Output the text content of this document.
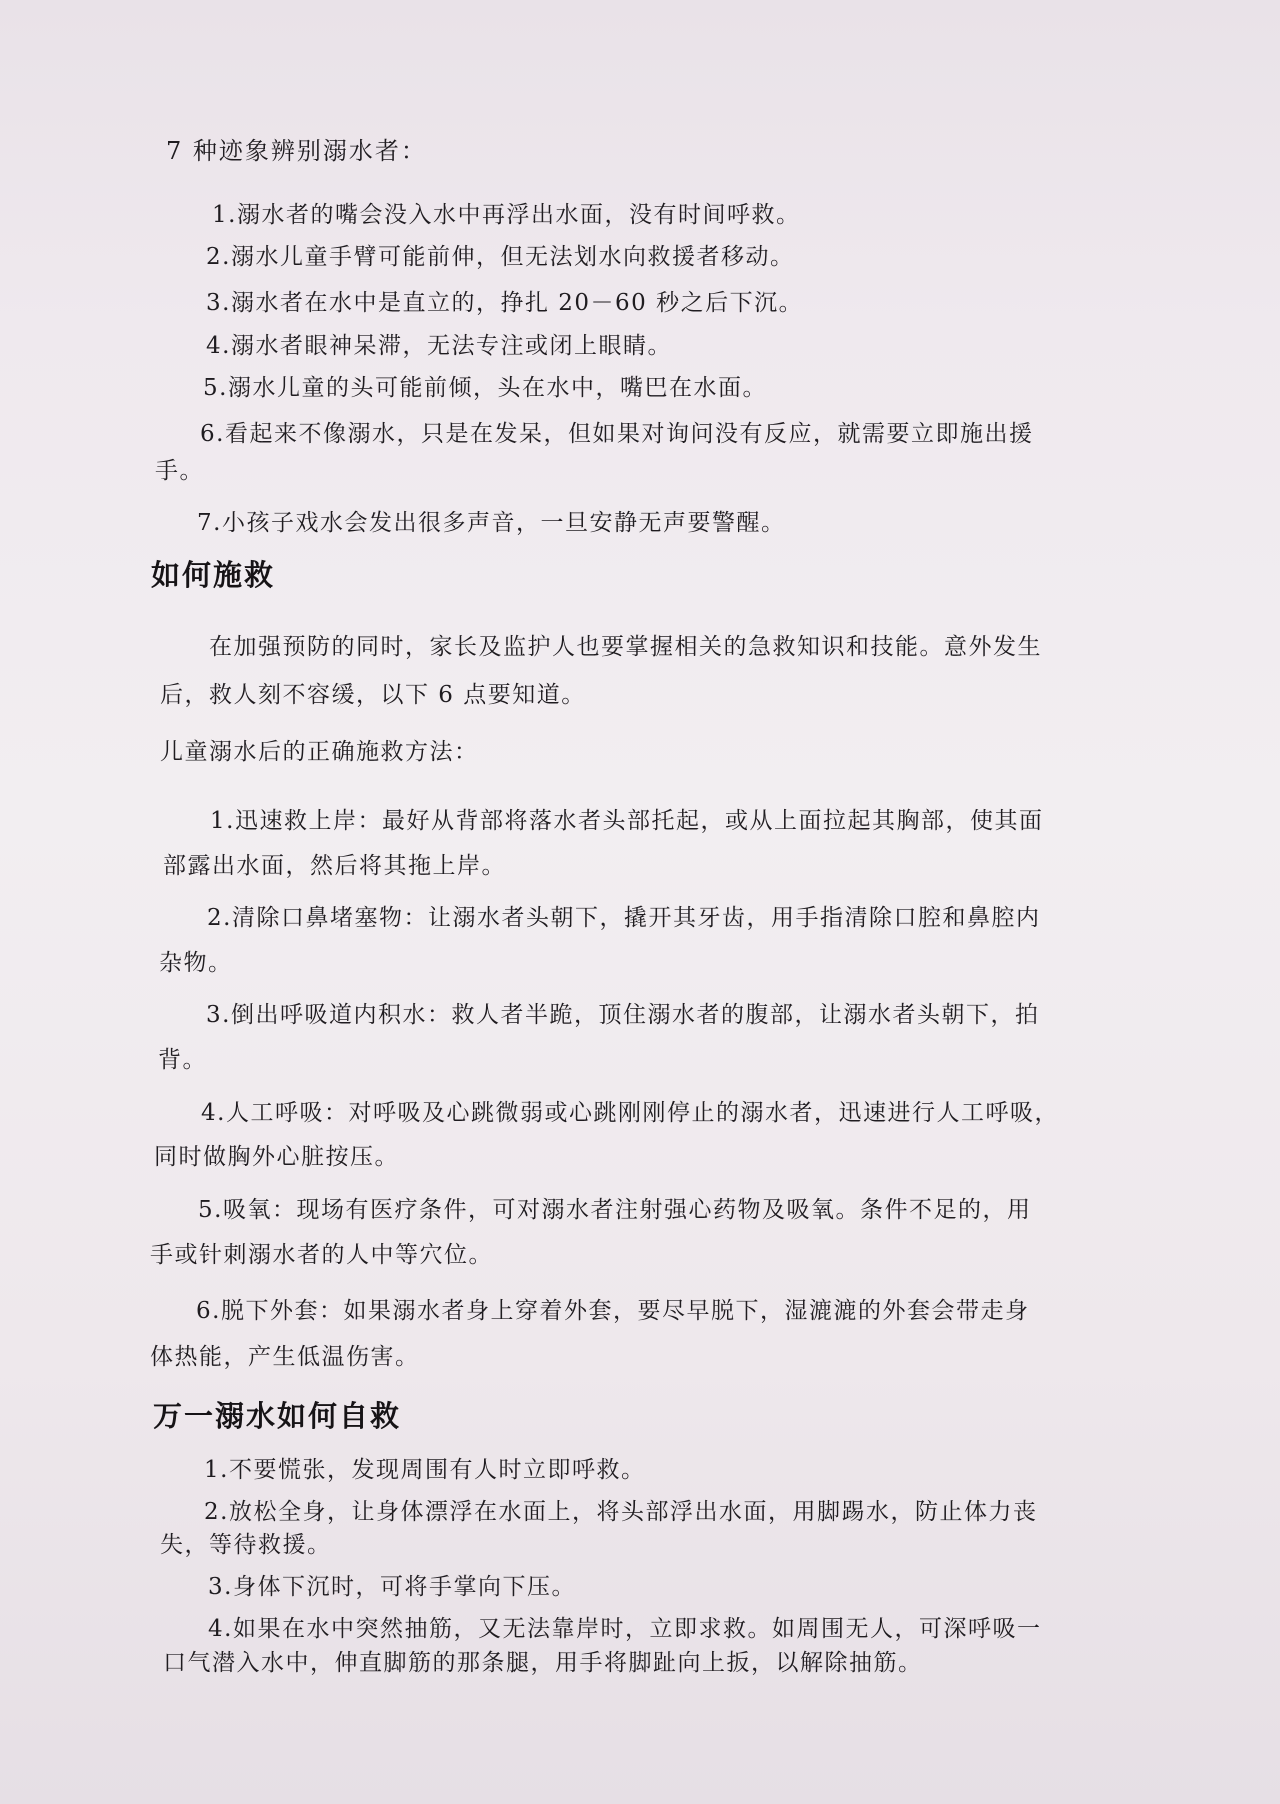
7 种迹象辨别溺水者：
1.溺水者的嘴会没入水中再浮出水面，没有时间呼救。
2.溺水儿童手臂可能前伸，但无法划水向救援者移动。
3.溺水者在水中是直立的，挣扎 20－60 秒之后下沉。
4.溺水者眼神呆滞，无法专注或闭上眼睛。
5.溺水儿童的头可能前倾，头在水中，嘴巴在水面。
6.看起来不像溺水，只是在发呆，但如果对询问没有反应，就需要立即施出援
手。
7.小孩子戏水会发出很多声音，一旦安静无声要警醒。
如何施救
在加强预防的同时，家长及监护人也要掌握相关的急救知识和技能。意外发生
后，救人刻不容缓，以下 6 点要知道。
儿童溺水后的正确施救方法：
1.迅速救上岸：最好从背部将落水者头部托起，或从上面拉起其胸部，使其面
部露出水面，然后将其拖上岸。
2.清除口鼻堵塞物：让溺水者头朝下，撬开其牙齿，用手指清除口腔和鼻腔内
杂物。
3.倒出呼吸道内积水：救人者半跪，顶住溺水者的腹部，让溺水者头朝下，拍
背。
4.人工呼吸：对呼吸及心跳微弱或心跳刚刚停止的溺水者，迅速进行人工呼吸，
同时做胸外心脏按压。
5.吸氧：现场有医疗条件，可对溺水者注射强心药物及吸氧。条件不足的，用
手或针刺溺水者的人中等穴位。
6.脱下外套：如果溺水者身上穿着外套，要尽早脱下，湿漉漉的外套会带走身
体热能，产生低温伤害。
万一溺水如何自救
1.不要慌张，发现周围有人时立即呼救。
2.放松全身，让身体漂浮在水面上，将头部浮出水面，用脚踢水，防止体力丧
失，等待救援。
3.身体下沉时，可将手掌向下压。
4.如果在水中突然抽筋，又无法靠岸时，立即求救。如周围无人，可深呼吸一
口气潜入水中，伸直脚筋的那条腿，用手将脚趾向上扳，以解除抽筋。
